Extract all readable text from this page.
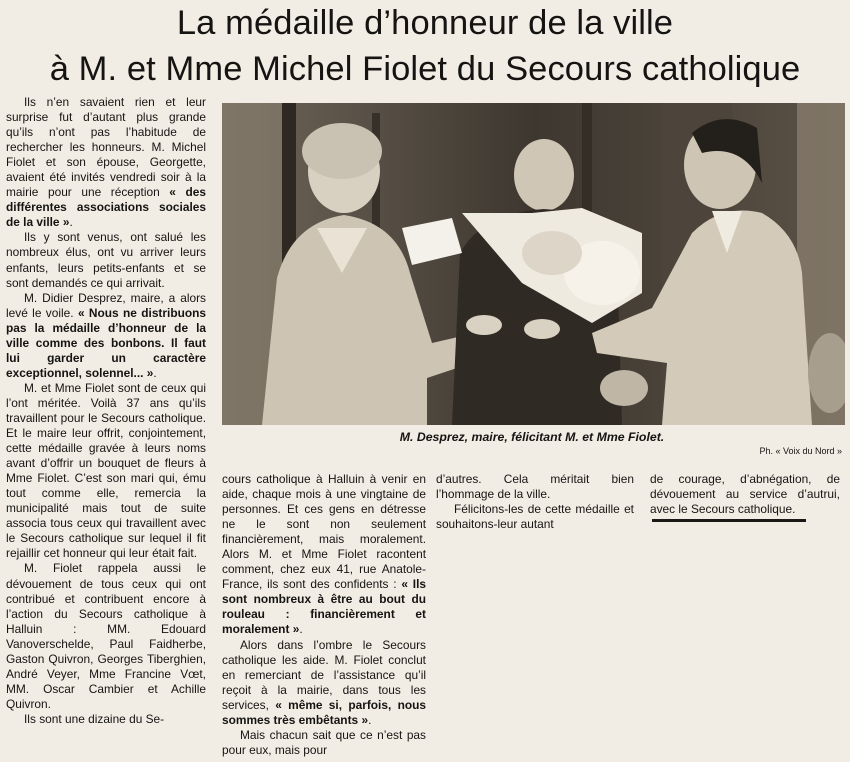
La médaille d’honneur de la ville
à M. et Mme Michel Fiolet du Secours catholique

Ils n’en savaient rien et leur surprise fut d’autant plus grande qu’ils n’ont pas l’habitude de rechercher les honneurs. M. Michel Fiolet et son épouse, Georgette, avaient été invités vendredi soir à la mairie pour une réception « des différentes associations sociales de la ville ».

Ils y sont venus, ont salué les nombreux élus, ont vu arriver leurs enfants, leurs petits-enfants et se sont demandés ce qui arrivait.

M. Didier Desprez, maire, a alors levé le voile. « Nous ne distribuons pas la médaille d’honneur de la ville comme des bonbons. Il faut lui garder un caractère exceptionnel, solennel... ».

M. et Mme Fiolet sont de ceux qui l’ont méritée. Voilà 37 ans qu’ils travaillent pour le Secours catholique. Et le maire leur offrit, conjointement, cette médaille gravée à leurs noms avant d’offrir un bouquet de fleurs à Mme Fiolet. C’est son mari qui, ému tout comme elle, remercia la municipalité mais tout de suite associa tous ceux qui travaillent avec le Secours catholique sur lequel il fit rejaillir cet honneur qui leur était fait.

M. Fiolet rappela aussi le dévouement de tous ceux qui ont contribué et contribuent encore à l’action du Secours catholique à Halluin : MM. Edouard Vanoverschelde, Paul Faidherbe, Gaston Quivron, Georges Tiberghien, André Veyer, Mme Francine Vœt, MM. Oscar Cambier et Achille Quivron.

Ils sont une dizaine du Se-

M. Desprez, maire, félicitant M. et Mme Fiolet.
Ph. « Voix du Nord »

cours catholique à Halluin à venir en aide, chaque mois à une vingtaine de personnes. Et ces gens en détresse ne le sont non seulement financièrement, mais moralement. Alors M. et Mme Fiolet racontent comment, chez eux 41, rue Anatole-France, ils sont des confidents : « Ils sont nombreux à être au bout du rouleau : financièrement et moralement ».

Alors dans l’ombre le Secours catholique les aide. M. Fiolet conclut en remerciant de l’assistance qu’il reçoit à la mairie, dans tous les services, « même si, parfois, nous sommes très embêtants ».

Mais chacun sait que ce n’est pas pour eux, mais pour

d’autres. Cela méritait bien l’hommage de la ville.

Félicitons-les de cette médaille et souhaitons-leur autant

de courage, d’abnégation, de dévouement au service d’autrui, avec le Secours catholique.
